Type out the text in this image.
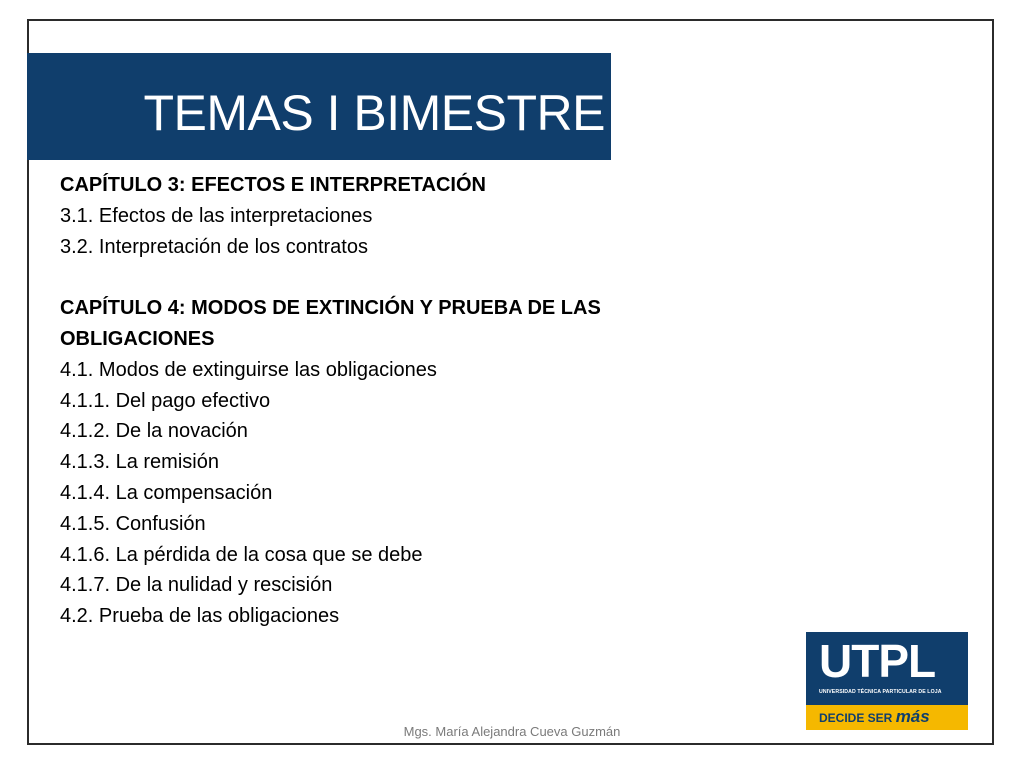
TEMAS I BIMESTRE
CAPÍTULO 3: EFECTOS E INTERPRETACIÓN
3.1. Efectos de las interpretaciones
3.2. Interpretación de los contratos
CAPÍTULO 4: MODOS DE EXTINCIÓN Y PRUEBA DE LAS
OBLIGACIONES
4.1. Modos de extinguirse las obligaciones
4.1.1. Del pago efectivo
4.1.2. De la novación
4.1.3. La remisión
4.1.4. La compensación
4.1.5. Confusión
4.1.6. La pérdida de la cosa que se debe
4.1.7. De la nulidad y rescisión
4.2. Prueba de las obligaciones
UTPL
UNIVERSIDAD TÉCNICA PARTICULAR DE LOJA
DECIDE SER más
Mgs. María Alejandra Cueva Guzmán
